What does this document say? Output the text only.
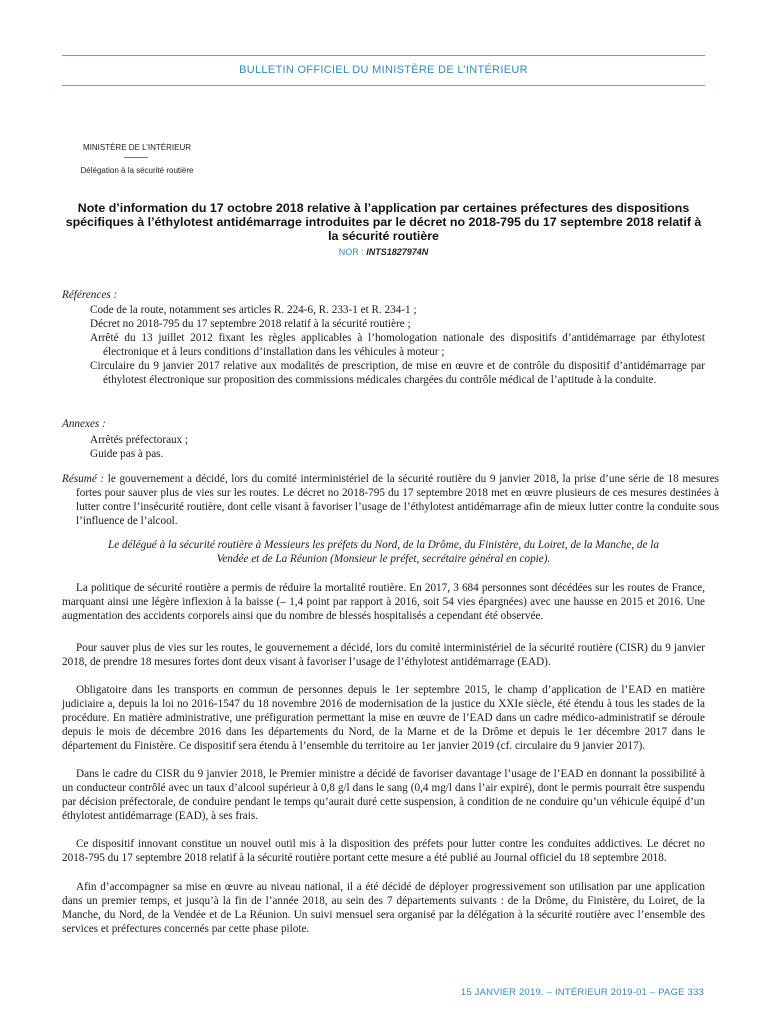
BULLETIN OFFICIEL DU MINISTÈRE DE L’INTÉRIEUR
MINISTÈRE DE L’INTÉRIEUR
Délégation à la sécurité routière
Note d’information du 17 octobre 2018 relative à l’application par certaines préfectures des dispositions spécifiques à l’éthylotest antidémarrage introduites par le décret no 2018-795 du 17 septembre 2018 relatif à la sécurité routière
NOR : INTS1827974N
Références :
Code de la route, notamment ses articles R. 224-6, R. 233-1 et R. 234-1 ;
Décret no 2018-795 du 17 septembre 2018 relatif à la sécurité routière ;
Arrêté du 13 juillet 2012 fixant les règles applicables à l’homologation nationale des dispositifs d’antidémarrage par éthylotest électronique et à leurs conditions d’installation dans les véhicules à moteur ;
Circulaire du 9 janvier 2017 relative aux modalités de prescription, de mise en œuvre et de contrôle du dispositif d’antidémarrage par éthylotest électronique sur proposition des commissions médicales chargées du contrôle médical de l’aptitude à la conduite.
Annexes :
Arrêtés préfectoraux ;
Guide pas à pas.
Résumé : le gouvernement a décidé, lors du comité interministériel de la sécurité routière du 9 janvier 2018, la prise d’une série de 18 mesures fortes pour sauver plus de vies sur les routes. Le décret no 2018-795 du 17 septembre 2018 met en œuvre plusieurs de ces mesures destinées à lutter contre l’insécurité routière, dont celle visant à favoriser l’usage de l’éthylotest antidémarrage afin de mieux lutter contre la conduite sous l’influence de l’alcool.
Le délégué à la sécurité routière à Messieurs les préfets du Nord, de la Drôme, du Finistère, du Loiret, de la Manche, de la Vendée et de La Réunion (Monsieur le préfet, secrétaire général en copie).
La politique de sécurité routière a permis de réduire la mortalité routière. En 2017, 3 684 personnes sont décédées sur les routes de France, marquant ainsi une légère inflexion à la baisse (– 1,4 point par rapport à 2016, soit 54 vies épargnées) avec une hausse en 2015 et 2016. Une augmentation des accidents corporels ainsi que du nombre de blessés hospitalisés a cependant été observée.
Pour sauver plus de vies sur les routes, le gouvernement a décidé, lors du comité interministériel de la sécurité routière (CISR) du 9 janvier 2018, de prendre 18 mesures fortes dont deux visant à favoriser l’usage de l’éthylotest antidémarrage (EAD).
Obligatoire dans les transports en commun de personnes depuis le 1er septembre 2015, le champ d’application de l’EAD en matière judiciaire a, depuis la loi no 2016-1547 du 18 novembre 2016 de modernisation de la justice du XXIe siècle, été étendu à tous les stades de la procédure. En matière administrative, une préfiguration permettant la mise en œuvre de l’EAD dans un cadre médico-administratif se déroule depuis le mois de décembre 2016 dans les départements du Nord, de la Marne et de la Drôme et depuis le 1er décembre 2017 dans le département du Finistère. Ce dispositif sera étendu à l’ensemble du territoire au 1er janvier 2019 (cf. circulaire du 9 janvier 2017).
Dans le cadre du CISR du 9 janvier 2018, le Premier ministre a décidé de favoriser davantage l’usage de l’EAD en donnant la possibilité à un conducteur contrôlé avec un taux d’alcool supérieur à 0,8 g/l dans le sang (0,4 mg/l dans l’air expiré), dont le permis pourrait être suspendu par décision préfectorale, de conduire pendant le temps qu’aurait duré cette suspension, à condition de ne conduire qu’un véhicule équipé d’un éthylotest antidémarrage (EAD), à ses frais.
Ce dispositif innovant constitue un nouvel outil mis à la disposition des préfets pour lutter contre les conduites addictives. Le décret no 2018-795 du 17 septembre 2018 relatif à la sécurité routière portant cette mesure a été publié au Journal officiel du 18 septembre 2018.
Afin d’accompagner sa mise en œuvre au niveau national, il a été décidé de déployer progressivement son utilisation par une application dans un premier temps, et jusqu’à la fin de l’année 2018, au sein des 7 départements suivants : de la Drôme, du Finistère, du Loiret, de la Manche, du Nord, de la Vendée et de La Réunion. Un suivi mensuel sera organisé par la délégation à la sécurité routière avec l’ensemble des services et préfectures concernés par cette phase pilote.
15 JANVIER 2019. – INTÉRIEUR 2019-01 – PAGE 333
